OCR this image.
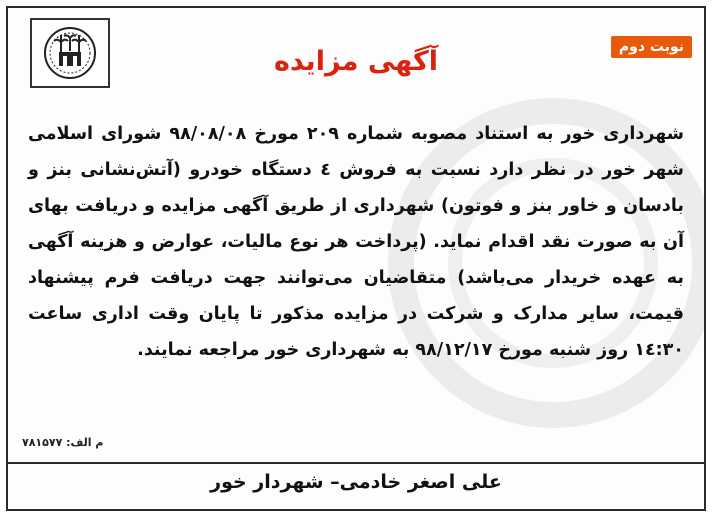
نوبت دوم
آگهی مزایده
شهرداری خور به استناد مصوبه شماره ۲۰۹ مورخ ۹۸/۰۸/۰۸ شورای اسلامی شهر خور در نظر دارد نسبت به فروش ٤ دستگاه خودرو (آتش‌نشانی بنز و بادسان و خاور بنز و فوتون) شهرداری از طریق آگهی مزایده و دریافت بهای آن به صورت نقد اقدام نماید. (پرداخت هر نوع مالیات، عوارض و هزینه آگهی به عهده خریدار می‌باشد) متقاضیان می‌توانند جهت دریافت فرم پیشنهاد قیمت، سایر مدارک و شرکت در مزایده مذکور تا پایان وقت اداری ساعت ۱٤:۳۰ روز شنبه مورخ ۹۸/۱۲/۱۷ به شهرداری خور مراجعه نمایند.
م الف: ۷۸۱۵۷۷
علی اصغر خادمی– شهردار خور
